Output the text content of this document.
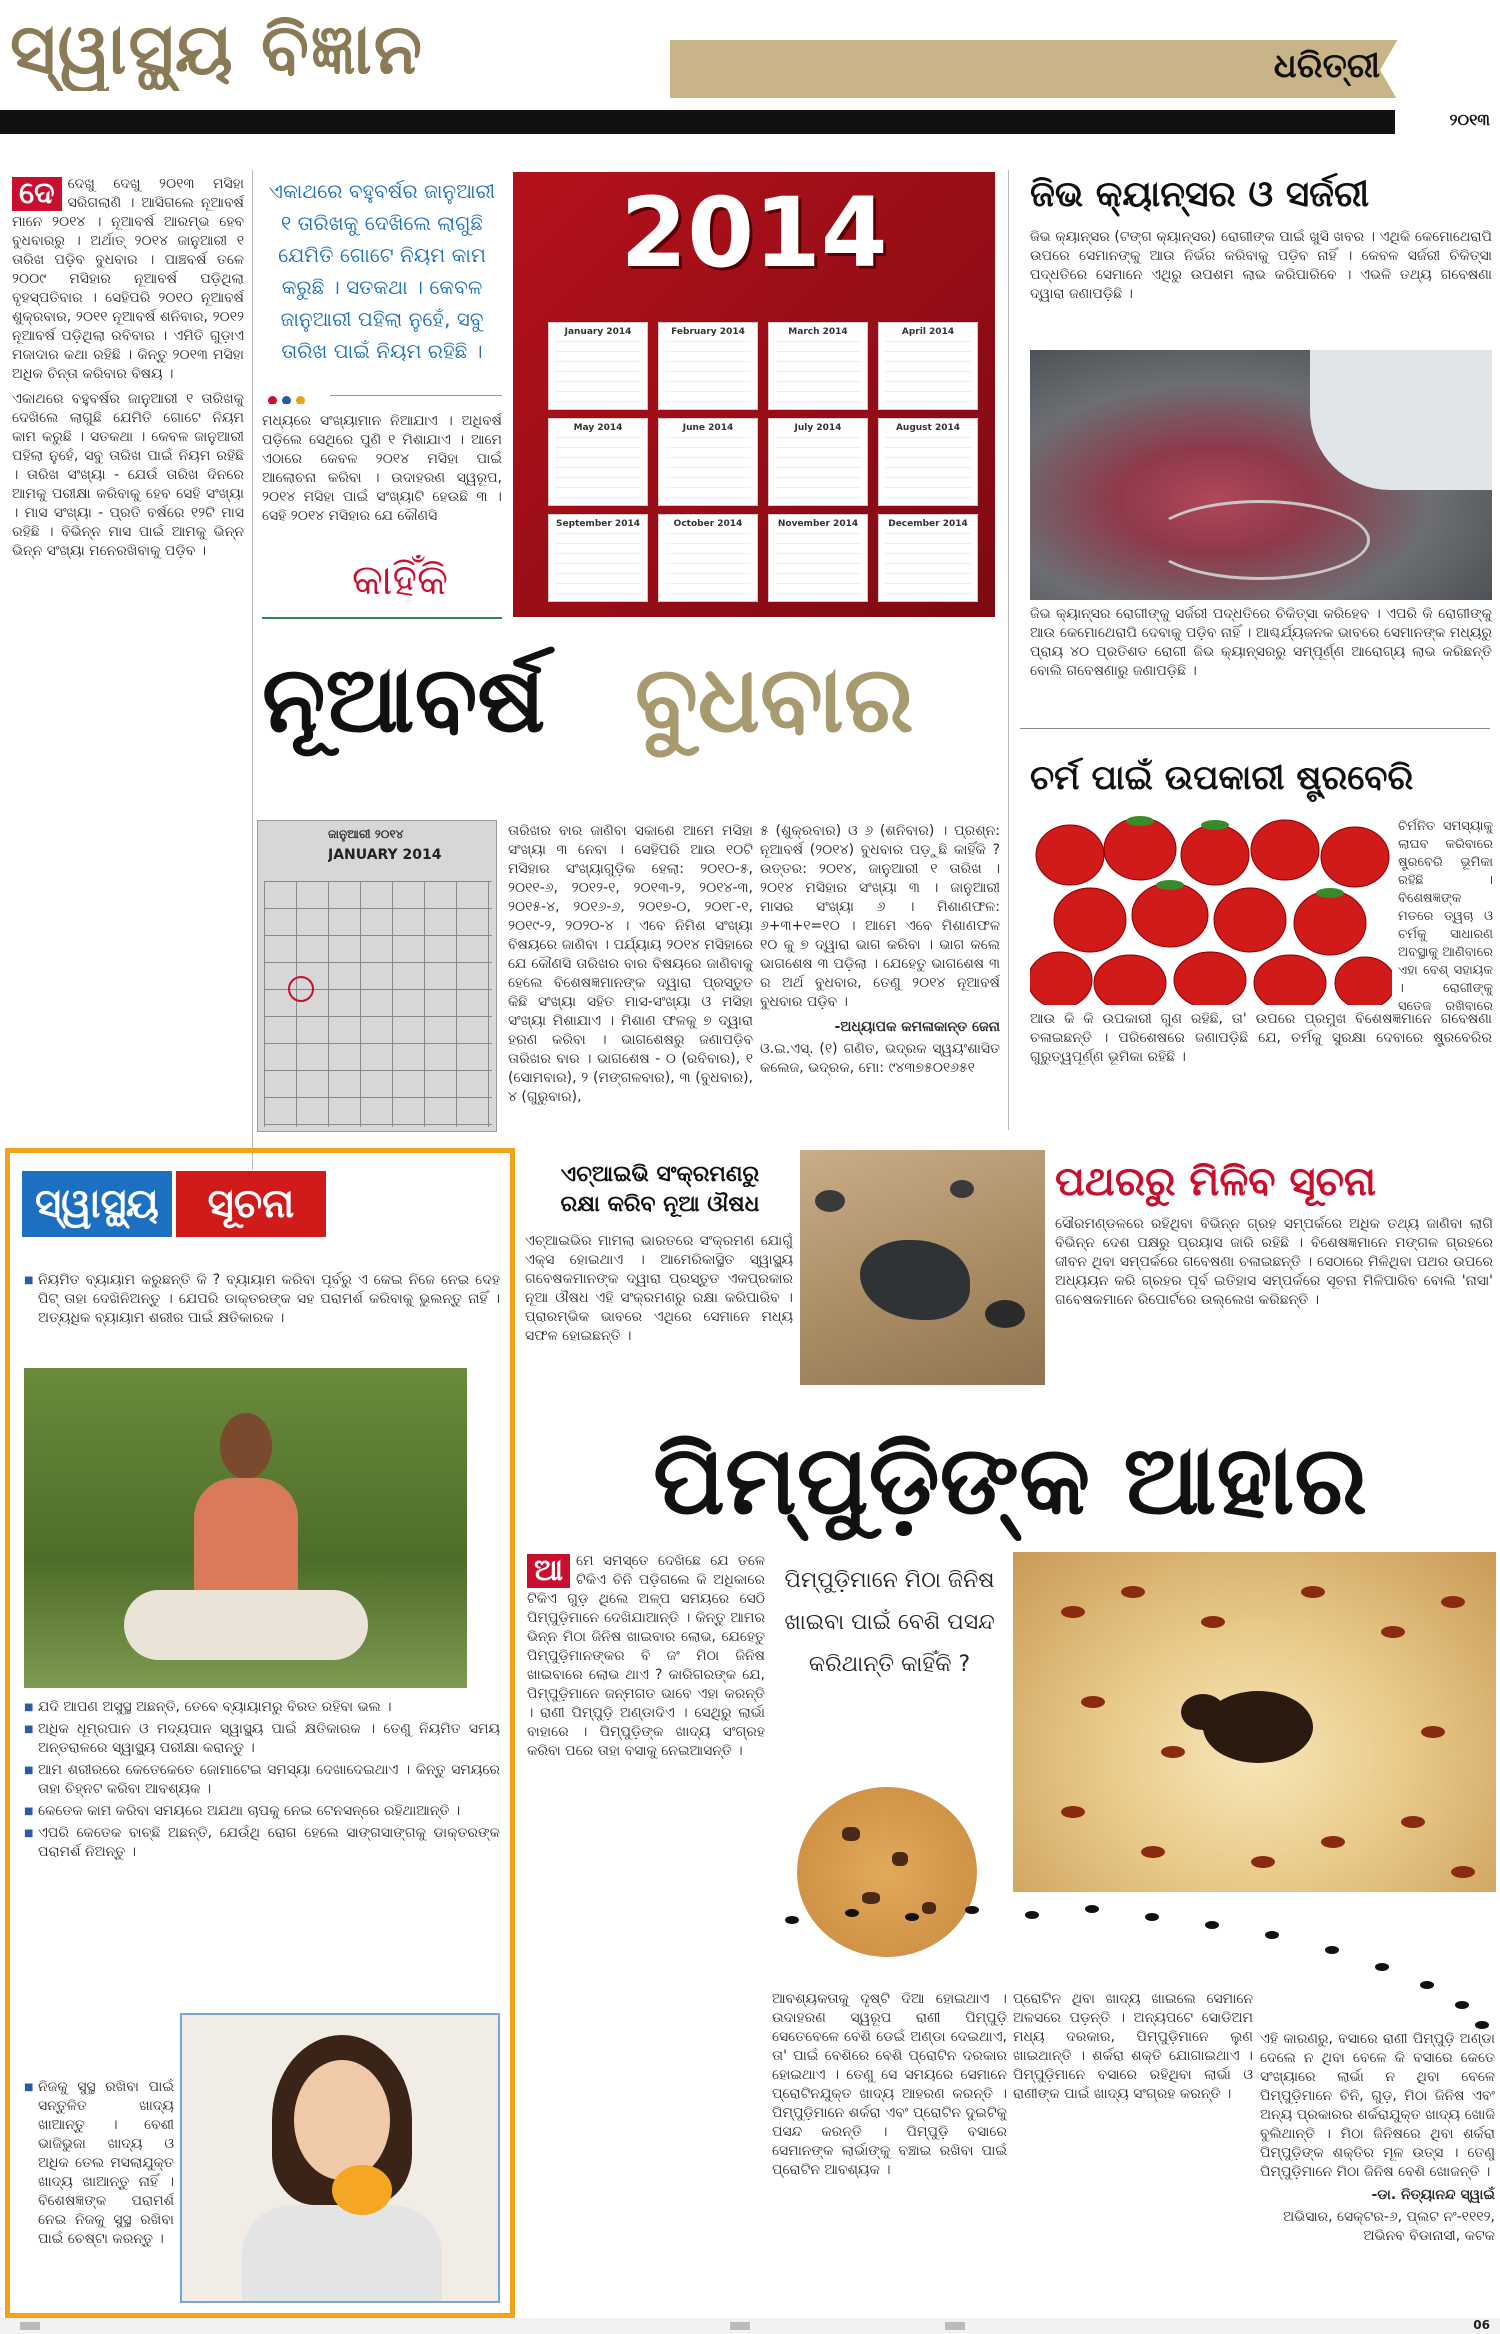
ସ୍ୱାସ୍ଥ୍ୟ ବିଜ୍ଞାନ	ଧରିତ୍ରୀ
୨୦୧୩
ଦେ ଦେଖୁ ଦେଖୁ ୨୦୧୩ ମସିହା ସରିଗଲାଣି । ଆସିଗଲେ ନୂଆବର୍ଷ ମାନେ ୨୦୧୪ । ନୂଆବର୍ଷ ଆରମ୍ଭ ହେବ ବୁଧବାରରୁ । ଅର୍ଥାତ୍ ୨୦୧୪ ଜାନୁଆରୀ ୧ ତାରିଖ ପଡ଼ିବ ବୁଧବାର । ପାଞ୍ଚବର୍ଷ ତଳେ ୨୦୦୯ ମସିହାର ନୂଆବର୍ଷ ପଡ଼ିଥିଲା ବୃହସ୍ପତିବାର । ସେହିପରି ୨୦୧୦ ନୂଆବର୍ଷ ଶୁକ୍ରବାର, ୨୦୧୧ ନୂଆବର୍ଷ ଶନିବାର, ୨୦୧୨ ନୂଆବର୍ଷ ପଡ଼ିଥିଲା ରବିବାର । ଏମିତି ଗୁଡ଼ାଏ ମଜାଦାର କଥା ରହିଛି । କିନ୍ତୁ ୨୦୧୩ ମସିହା ଅଧିକ ଚିନ୍ତା କରିବାର ବିଷୟ ।

ଏକାଥରେ ବହୁବର୍ଷର ଜାନୁଆରୀ ୧ ତାରିଖକୁ ଦେଖିଲେ ଲାଗୁଛି ଯେମିତି ଗୋଟେ ନିୟମ କାମ କରୁଛି । ସତକଥା । କେବଳ ଜାନୁଆରୀ ପହିଲା ନୁହେଁ, ସବୁ ତାରିଖ ପାଇଁ ନିୟମ ରହିଛି । ତାରିଖ ସଂଖ୍ୟା - ଯେଉଁ ତାରିଖ ଦିନରେ ଆମକୁ ପରୀକ୍ଷା କରିବାକୁ ହେବ ସେହି ସଂଖ୍ୟା । ମାସ ସଂଖ୍ୟା - ପ୍ରତି ବର୍ଷରେ ୧୨ଟି ମାସ ରହିଛି । ବିଭିନ୍ନ ମାସ ପାଇଁ ଆମକୁ ଭିନ୍ନ ଭିନ୍ନ ସଂଖ୍ୟା ମନେରଖିବାକୁ ପଡ଼ିବ ।

ଏକାଥରେ ବହୁବର୍ଷର ଜାନୁଆରୀ ୧ ତାରିଖକୁ ଦେଖିଲେ ଲାଗୁଛି ଯେମିତି ଗୋଟେ ନିୟମ କାମ କରୁଛି । ସତକଥା । କେବଳ ଜାନୁଆରୀ ପହିଲା ନୁହେଁ, ସବୁ ତାରିଖ ପାଇଁ ନିୟମ ରହିଛି ।

ମଧ୍ୟରେ ସଂଖ୍ୟାମାନ ନିଆଯାଏ । ଅଧିବର୍ଷ ପଡ଼ିଲେ ସେଥିରେ ପୁଣି ୧ ମିଶାଯାଏ । ଆମେ ଏଠାରେ କେବଳ ୨୦୧୪ ମସିହା ପାଇଁ ଆଲୋଚନା କରିବା । ଉଦାହରଣ ସ୍ୱରୂପ, ୨୦୧୪ ମସିହା ପାଇଁ ସଂଖ୍ୟାଟି ହେଉଛି ୩ । ସେହି ୨୦୧୪ ମସିହାର ଯେ କୌଣସି
କାହିଁକି
2014
January 2014	February 2014	March 2014	April 2014
May 2014	June 2014	July 2014	August 2014
September 2014	October 2014	November 2014	December 2014
ନୂଆବର୍ଷ ବୁଧବାର
ଜାନୁଆରୀ ୨୦୧୪
JANUARY 2014
ତାରିଖର ବାର ଜାଣିବା ସକାଶେ ଆମେ ମସିହା ସଂଖ୍ୟା ୩ ନେବା । ସେହିପରି ଆଉ ୧୦ଟି ମସିହାର ସଂଖ୍ୟାଗୁଡ଼ିକ ହେଲା: ୨୦୧୦-୫, ୨୦୧୧-୬, ୨୦୧୨-୧, ୨୦୧୩-୨, ୨୦୧୪-୩, ୨୦୧୫-୪, ୨୦୧୬-୬, ୨୦୧୭-୦, ୨୦୧୮-୧, ୨୦୧୯-୨, ୨୦୨୦-୪ । ଏବେ ନିମିଶ ସଂଖ୍ୟା ବିଷୟରେ ଜାଣିବା । ପର୍ଯ୍ୟାୟ ୨୦୧୪ ମସିହାରେ ଯେ କୌଣସି ତାରିଖର ବାର ବିଷୟରେ ଜାଣିବାକୁ ହେଲେ ବିଶେଷଜ୍ଞମାନଙ୍କ ଦ୍ୱାରା ପ୍ରସ୍ତୁତ କିଛି ସଂଖ୍ୟା ସହିତ ମାସ-ସଂଖ୍ୟା ଓ ମସିହା ସଂଖ୍ୟା ମିଶାଯାଏ । ମିଶାଣ ଫଳକୁ ୭ ଦ୍ୱାରା ହରଣ କରିବା । ଭାଗଶେଷରୁ ଜଣାପଡ଼ିବ ତାରିଖର ବାର । ଭାଗଶେଷ - ୦ (ରବିବାର), ୧ (ସୋମବାର), ୨ (ମଙ୍ଗଳବାର), ୩ (ବୁଧବାର), ୪ (ଗୁରୁବାର),

୫ (ଶୁକ୍ରବାର) ଓ ୬ (ଶନିବାର) । ପ୍ରଶ୍ନ: ନୂଆବର୍ଷ (୨୦୧୪) ବୁଧବାର ପଡ଼ୁଛି କାହିଁକି ? ଉତ୍ତର: ୨୦୧୪, ଜାନୁଆରୀ ୧ ତାରିଖ । ୨୦୧୪ ମସିହାର ସଂଖ୍ୟା ୩ । ଜାନୁଆରୀ ମାସର ସଂଖ୍ୟା ୬ । ମିଶାଣଫଳ: ୬+୩+୧=୧୦ । ଆମେ ଏବେ ମିଶାଣଫଳ ୧୦ କୁ ୭ ଦ୍ୱାରା ଭାଗ କରିବା । ଭାଗ କଲେ ଭାଗଶେଷ ୩ ପଡ଼ିଲା । ଯେହେତୁ ଭାଗଶେଷ ୩ ର ଅର୍ଥ ବୁଧବାର, ତେଣୁ ୨୦୧୪ ନୂଆବର୍ଷ ବୁଧବାର ପଡ଼ିବ ।

-ଅଧ୍ୟାପକ କମଳାକାନ୍ତ ଜେନା

ଓ.ଇ.ଏସ୍. (୧) ଗଣିତ, ଭଦ୍ରକ ସ୍ୱୟଂଶାସିତ କଲେଜ, ଭଦ୍ରକ, ମୋ: ୯୪୩୭୫୦୧୬୫୧

ଜିଭ କ୍ୟାନ୍ସର ଓ ସର୍ଜରୀ
ଜିଭ କ୍ୟାନ୍ସର (ଟଙ୍ଗ କ୍ୟାନ୍ସର) ରୋଗୀଙ୍କ ପାଇଁ ଖୁସି ଖବର । ଏଥିକି କେମୋଥେରାପି ଉପରେ ସେମାନଙ୍କୁ ଆଉ ନିର୍ଭର କରିବାକୁ ପଡ଼ିବ ନାହିଁ । କେବଳ ସର୍ଜରୀ ଚିକିତ୍ସା ପଦ୍ଧତିରେ ସେମାନେ ଏଥିରୁ ଉପଶମ ଲାଭ କରିପାରିବେ । ଏଭଳି ତଥ୍ୟ ଗବେଷଣା ଦ୍ୱାରା ଜଣାପଡ଼ିଛି ।
ଜିଭ କ୍ୟାନ୍ସର ରୋଗୀଙ୍କୁ ସର୍ଜରୀ ପଦ୍ଧତିରେ ଚିକିତ୍ସା କରିହେବ । ଏପରି କି ରୋଗୀଙ୍କୁ ଆଉ କେମୋଥେରାପି ଦେବାକୁ ପଡ଼ିବ ନାହିଁ । ଆଶ୍ଚର୍ଯ୍ୟଜନକ ଭାବରେ ସେମାନଙ୍କ ମଧ୍ୟରୁ ପ୍ରାୟ ୪୦ ପ୍ରତିଶତ ରୋଗୀ ଜିଭ କ୍ୟାନ୍ସରରୁ ସମ୍ପୂର୍ଣ୍ଣ ଆରୋଗ୍ୟ ଲାଭ କରିଛନ୍ତି ବୋଲି ଗବେଷଣାରୁ ଜଣାପଡ଼ିଛି ।
ଚର୍ମ ପାଇଁ ଉପକାରୀ ଷ୍ଟ୍ରବେରି
ଚିର୍ମନିତ ସମସ୍ୟାକୁ ଲାଘବ କରିବାରେ ଷ୍ଟ୍ରବେରି ଭୂମିକା ରହିଛି । ବିଶେଷଜ୍ଞଙ୍କ ମତରେ ତ୍ୱଚା ଓ ଚର୍ମକୁ ସାଧାରଣ ଅବସ୍ଥାକୁ ଆଣିବାରେ ଏହା ବେଶ୍ ସହାୟକ । ରୋଗୀଙ୍କୁ ସତେଜ ରଖିବାରେ
ଆଉ କି କି ଉପକାରୀ ଗୁଣ ରହିଛି, ତା' ଉପରେ ପ୍ରମୁଖ ବିଶେଷଜ୍ଞମାନେ ଗବେଷଣା ଚଳାଇଛନ୍ତି । ପରିଶେଷରେ ଜଣାପଡ଼ିଛି ଯେ, ଚର୍ମକୁ ସୁରକ୍ଷା ଦେବାରେ ଷ୍ଟ୍ରବେରିର ଗୁରୁତ୍ୱପୂର୍ଣ୍ଣ ଭୂମିକା ରହିଛି ।
ସ୍ୱାସ୍ଥ୍ୟ	ସୂଚନା

■ ନିୟମିତ ବ୍ୟାୟାମ କରୁଛନ୍ତି କି ? ବ୍ୟାୟାମ କରିବା ପୂର୍ବରୁ ଏ କେଇ ନିଜେ ନେଇ ଦେହ ପିଟ୍ ତାହା ଦେଖିନିଅନ୍ତୁ । ଯେପରି ଡାକ୍ତରଙ୍କ ସହ ପରାମର୍ଶ କରିବାକୁ ଭୁଲନ୍ତୁ ନାହିଁ । ଅତ୍ୟଧିକ ବ୍ୟାୟାମ ଶରୀର ପାଇଁ କ୍ଷତିକାରକ ।

■ ଯଦି ଆପଣ ଅସୁସ୍ଥ ଅଛନ୍ତି, ତେବେ ବ୍ୟାୟାମରୁ ବିରତ ରହିବା ଭଲ ।

■ ଅଧିକ ଧୂମ୍ରପାନ ଓ ମଦ୍ୟପାନ ସ୍ୱାସ୍ଥ୍ୟ ପାଇଁ କ୍ଷତିକାରକ । ତେଣୁ ନିୟମିତ ସମୟ ଅନ୍ତରାଳରେ ସ୍ୱାସ୍ଥ୍ୟ ପରୀକ୍ଷା କରାନ୍ତୁ ।

■ ଆମ ଶରୀରରେ କେତେକେତେ ଜୋମାଟେଇ ସମସ୍ୟା ଦେଖାଦେଇଥାଏ । କିନ୍ତୁ ସମୟରେ ତାହା ଚିହ୍ନଟ କରିବା ଆବଶ୍ୟକ ।

■ କେତେକ କାମ କରିବା ସମୟରେ ଅଯଥା ଚାପକୁ ନେଇ ଟେନସନ୍‌ରେ ରହିଥାଆନ୍ତି ।

■ ଏପରି କେତେକ ବାଚ୍ଛି ଅଛନ୍ତି, ଯେଉଁଥି ରୋଗ ହେଲେ ସାଙ୍ଗସାଙ୍ଗକୁ ଡାକ୍ତରଙ୍କ ପରାମର୍ଶ ନିଅନ୍ତୁ ।

■ ନିଜକୁ ସୁସ୍ଥ ରଖିବା ପାଇଁ ସନ୍ତୁଳିତ ଖାଦ୍ୟ ଖାଆନ୍ତୁ । ବେଶୀ ଭାଜିଭୁଜା ଖାଦ୍ୟ ଓ ଅଧିକ ତେଲ ମସଲାଯୁକ୍ତ ଖାଦ୍ୟ ଖାଆନ୍ତୁ ନାହିଁ । ବିଶେଷଜ୍ଞଙ୍କ ପରାମର୍ଶ ନେଇ ନିଜକୁ ସୁସ୍ଥ ରଖିବା ପାଇଁ ଚେଷ୍ଟା କରନ୍ତୁ ।

ଏଚ୍‌ଆଇଭି ସଂକ୍ରମଣରୁ
ରକ୍ଷା କରିବ ନୂଆ ଔଷଧ
ଏଚ୍‌ଆଇଭିର ମାମଲା ଭାରତରେ ସଂକ୍ରମଣ ଯୋଗୁଁ ଏକ୍ସ ହୋଇଥାଏ । ଆମେରିକାସ୍ଥିତ ସ୍ୱାସ୍ଥ୍ୟ ଗବେଷକମାନଙ୍କ ଦ୍ୱାରା ପ୍ରସ୍ତୁତ ଏକପ୍ରକାର ନୂଆ ଔଷଧ ଏହି ସଂକ୍ରମଣରୁ ରକ୍ଷା କରିପାରିବ । ପ୍ରାରମ୍ଭିକ ଭାବରେ ଏଥିରେ ସେମାନେ ମଧ୍ୟ ସଫଳ ହୋଇଛନ୍ତି ।
ପଥରରୁ ମିଳିବ ସୂଚନା
ସୌରମଣ୍ଡଳରେ ରହିଥିବା ବିଭିନ୍ନ ଗ୍ରହ ସମ୍ପର୍କରେ ଅଧିକ ତଥ୍ୟ ଜାଣିବା ଲାଗି ବିଭିନ୍ନ ଦେଶ ପକ୍ଷରୁ ପ୍ରୟାସ ଜାରି ରହିଛି । ବିଶେଷଜ୍ଞମାନେ ମଙ୍ଗଳ ଗ୍ରହରେ ଜୀବନ ଥିବା ସମ୍ପର୍କରେ ଗବେଷଣା ଚଳାଇଛନ୍ତି । ସେଠାରେ ମିଳିଥିବା ପଥର ଉପରେ ଅଧ୍ୟୟନ କରି ଗ୍ରହର ପୂର୍ବ ଇତିହାସ ସମ୍ପର୍କରେ ସୂଚନା ମିଳିପାରିବ ବୋଲି 'ନାସା' ଗବେଷକମାନେ ରିପୋର୍ଟରେ ଉଲ୍ଲେଖ କରିଛନ୍ତି ।
ପିମ୍ପୁଡ଼ିଙ୍କ ଆହାର
ଆ ମେ ସମସ୍ତେ ଦେଖିଛେ ଯେ ତଳେ ଟିକିଏ ଚିନି ପଡ଼ିଗଲେ କି ଅଧିକାରେ ଟିକିଏ ଗୁଡ଼ ଥିଲେ ଅଳ୍ପ ସମୟରେ ସେଠି ପିମ୍ପୁଡ଼ିମାନେ ଦେଖିଯାଆନ୍ତି । କିନ୍ତୁ ଆମର ଭିନ୍ନ ମିଠା ଜିନିଷ ଖାଇବାର ଲୋଭ, ଯେହେତୁ ପିମ୍ପୁଡ଼ିମାନଙ୍କର ବି ଜଂ ମିଠା ଜିନିଷ ଖାଇବାରେ ଲୋଭ ଥାଏ ? କାରିଗରଙ୍କ ଯେ, ପିମ୍ପୁଡ଼ିମାନେ ଜନ୍ମଗତ ଭାବେ ଏହା କରନ୍ତି । ରାଣୀ ପିମ୍ପୁଡ଼ି ଅଣ୍ଡାଦିଏ । ସେଥିରୁ ଲାର୍ଭା ବାହାରେ । ପିମ୍ପୁଡ଼ିଙ୍କ ଖାଦ୍ୟ ସଂଗ୍ରହ କରିବା ପରେ ତାହା ବସାକୁ ନେଇଆସନ୍ତି ।
ପିମ୍ପୁଡ଼ିମାନେ ମିଠା ଜିନିଷ ଖାଇବା ପାଇଁ ବେଶି ପସନ୍ଦ କରିଥାନ୍ତି କାହିଁକି ?
ଆବଶ୍ୟକତାକୁ ଦୃଷ୍ଟି ଦିଆ ହୋଇଥାଏ । ଉଦାହରଣ ସ୍ୱରୂପ ରାଣୀ ପିମ୍ପୁଡ଼ି ସେତେବେଳେ ବେଶି ଡେଇଁ ଅଣ୍ଡା ଦେଇଥାଏ, ତା' ପାଇଁ ବେଶିରେ ବେଶି ପ୍ରୋଟିନ ଦରକାର ହୋଇଥାଏ । ତେଣୁ ସେ ସମୟରେ ସେମାନେ ପ୍ରୋଟିନଯୁକ୍ତ ଖାଦ୍ୟ ଆହରଣ କରନ୍ତି । ପିମ୍ପୁଡ଼ିମାନେ ଶର୍କରା ଏବଂ ପ୍ରୋଟିନ ଦୁଇଟିକୁ ପସନ୍ଦ କରନ୍ତି । ପିମ୍ପୁଡ଼ି ବସାରେ ସେମାନଙ୍କ ଲାର୍ଭାଙ୍କୁ ବଞ୍ଚାଇ ରଖିବା ପାଇଁ ପ୍ରୋଟିନ ଆବଶ୍ୟକ ।
ପ୍ରୋଟିନ ଥିବା ଖାଦ୍ୟ ଖାଇଲେ ସେମାନେ ଅଳସରେ ପଡ଼ନ୍ତି । ଅନ୍ୟପଟେ ସୋଡିଅମ ମଧ୍ୟ ଦରକାର, ପିମ୍ପୁଡ଼ିମାନେ ଲୁଣ ଖାଇଥାନ୍ତି । ଶର୍କରା ଶକ୍ତି ଯୋଗାଇଥାଏ । ପିମ୍ପୁଡ଼ିମାନେ ବସାରେ ରହିଥିବା ଲାର୍ଭା ଓ ରାଣୀଙ୍କ ପାଇଁ ଖାଦ୍ୟ ସଂଗ୍ରହ କରନ୍ତି ।

ଏହି କାରଣରୁ, ବସାରେ ରାଣୀ ପିମ୍ପୁଡ଼ି ଅଣ୍ଡା ଦେଲେ ନ ଥିବା ବେଳେ କି ବସାରେ କେତେ ସଂଖ୍ୟାରେ ଲାର୍ଭା ନ ଥିବା ବେଳେ ପିମ୍ପୁଡ଼ିମାନେ ଚିନି, ଗୁଡ଼, ମିଠା ଜିନିଷ ଏବଂ ଅନ୍ୟ ପ୍ରକାରର ଶର୍କରାଯୁକ୍ତ ଖାଦ୍ୟ ଖୋଜି ବୁଲିଥାନ୍ତି । ମିଠା ଜିନିଷରେ ଥିବା ଶର୍କରା ପିମ୍ପୁଡ଼ିଙ୍କ ଶକ୍ତିର ମୂଳ ଉତ୍ସ । ତେଣୁ ପିମ୍ପୁଡ଼ିମାନେ ମିଠା ଜିନିଷ ବେଶି ଖୋଜନ୍ତି ।

-ଡା. ନିତ୍ୟାନନ୍ଦ ସ୍ୱାଇଁ

ଅଭିସାର, ସେକ୍ଟର-୬, ପ୍ଲଟ ନଂ-୧୧୧୨, ଅଭିନବ ବିଡାନାସୀ, କଟକ

06
